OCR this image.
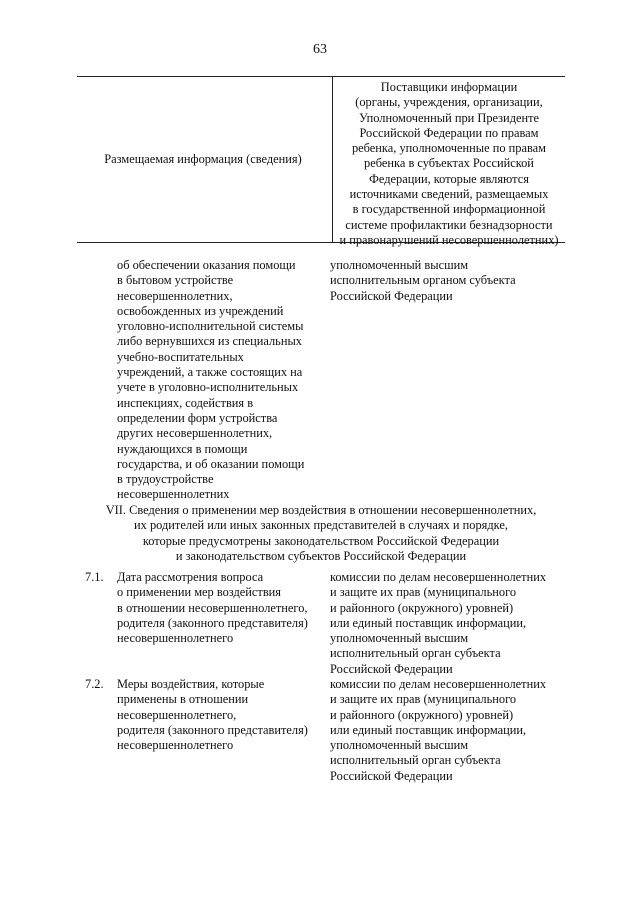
63
Размещаемая информация (сведения)
Поставщики информации
(органы, учреждения, организации,
Уполномоченный при Президенте
Российской Федерации по правам
ребенка, уполномоченные по правам
ребенка в субъектах Российской
Федерации, которые являются
источниками сведений, размещаемых
в государственной информационной
системе профилактики безнадзорности
и правонарушений несовершеннолетних)
об обеспечении оказания помощи
в бытовом устройстве
несовершеннолетних,
освобожденных из учреждений
уголовно-исполнительной системы
либо вернувшихся из специальных
учебно-воспитательных
учреждений, а также состоящих на
учете в уголовно-исполнительных
инспекциях, содействия в
определении форм устройства
других несовершеннолетних,
нуждающихся в помощи
государства, и об оказании помощи
в трудоустройстве
несовершеннолетних
уполномоченный высшим
исполнительным органом субъекта
Российской Федерации
VII. Сведения о применении мер воздействия в отношении несовершеннолетних,
их родителей или иных законных представителей в случаях и порядке,
которые предусмотрены законодательством Российской Федерации
и законодательством субъектов Российской Федерации
7.1. Дата рассмотрения вопроса
о применении мер воздействия
в отношении несовершеннолетнего,
родителя (законного представителя)
несовершеннолетнего
комиссии по делам несовершеннолетних
и защите их прав (муниципального
и районного (окружного) уровней)
или единый поставщик информации,
уполномоченный высшим
исполнительный орган субъекта
Российской Федерации
7.2. Меры воздействия, которые
применены в отношении
несовершеннолетнего,
родителя (законного представителя)
несовершеннолетнего
комиссии по делам несовершеннолетних
и защите их прав (муниципального
и районного (окружного) уровней)
или единый поставщик информации,
уполномоченный высшим
исполнительный орган субъекта
Российской Федерации
